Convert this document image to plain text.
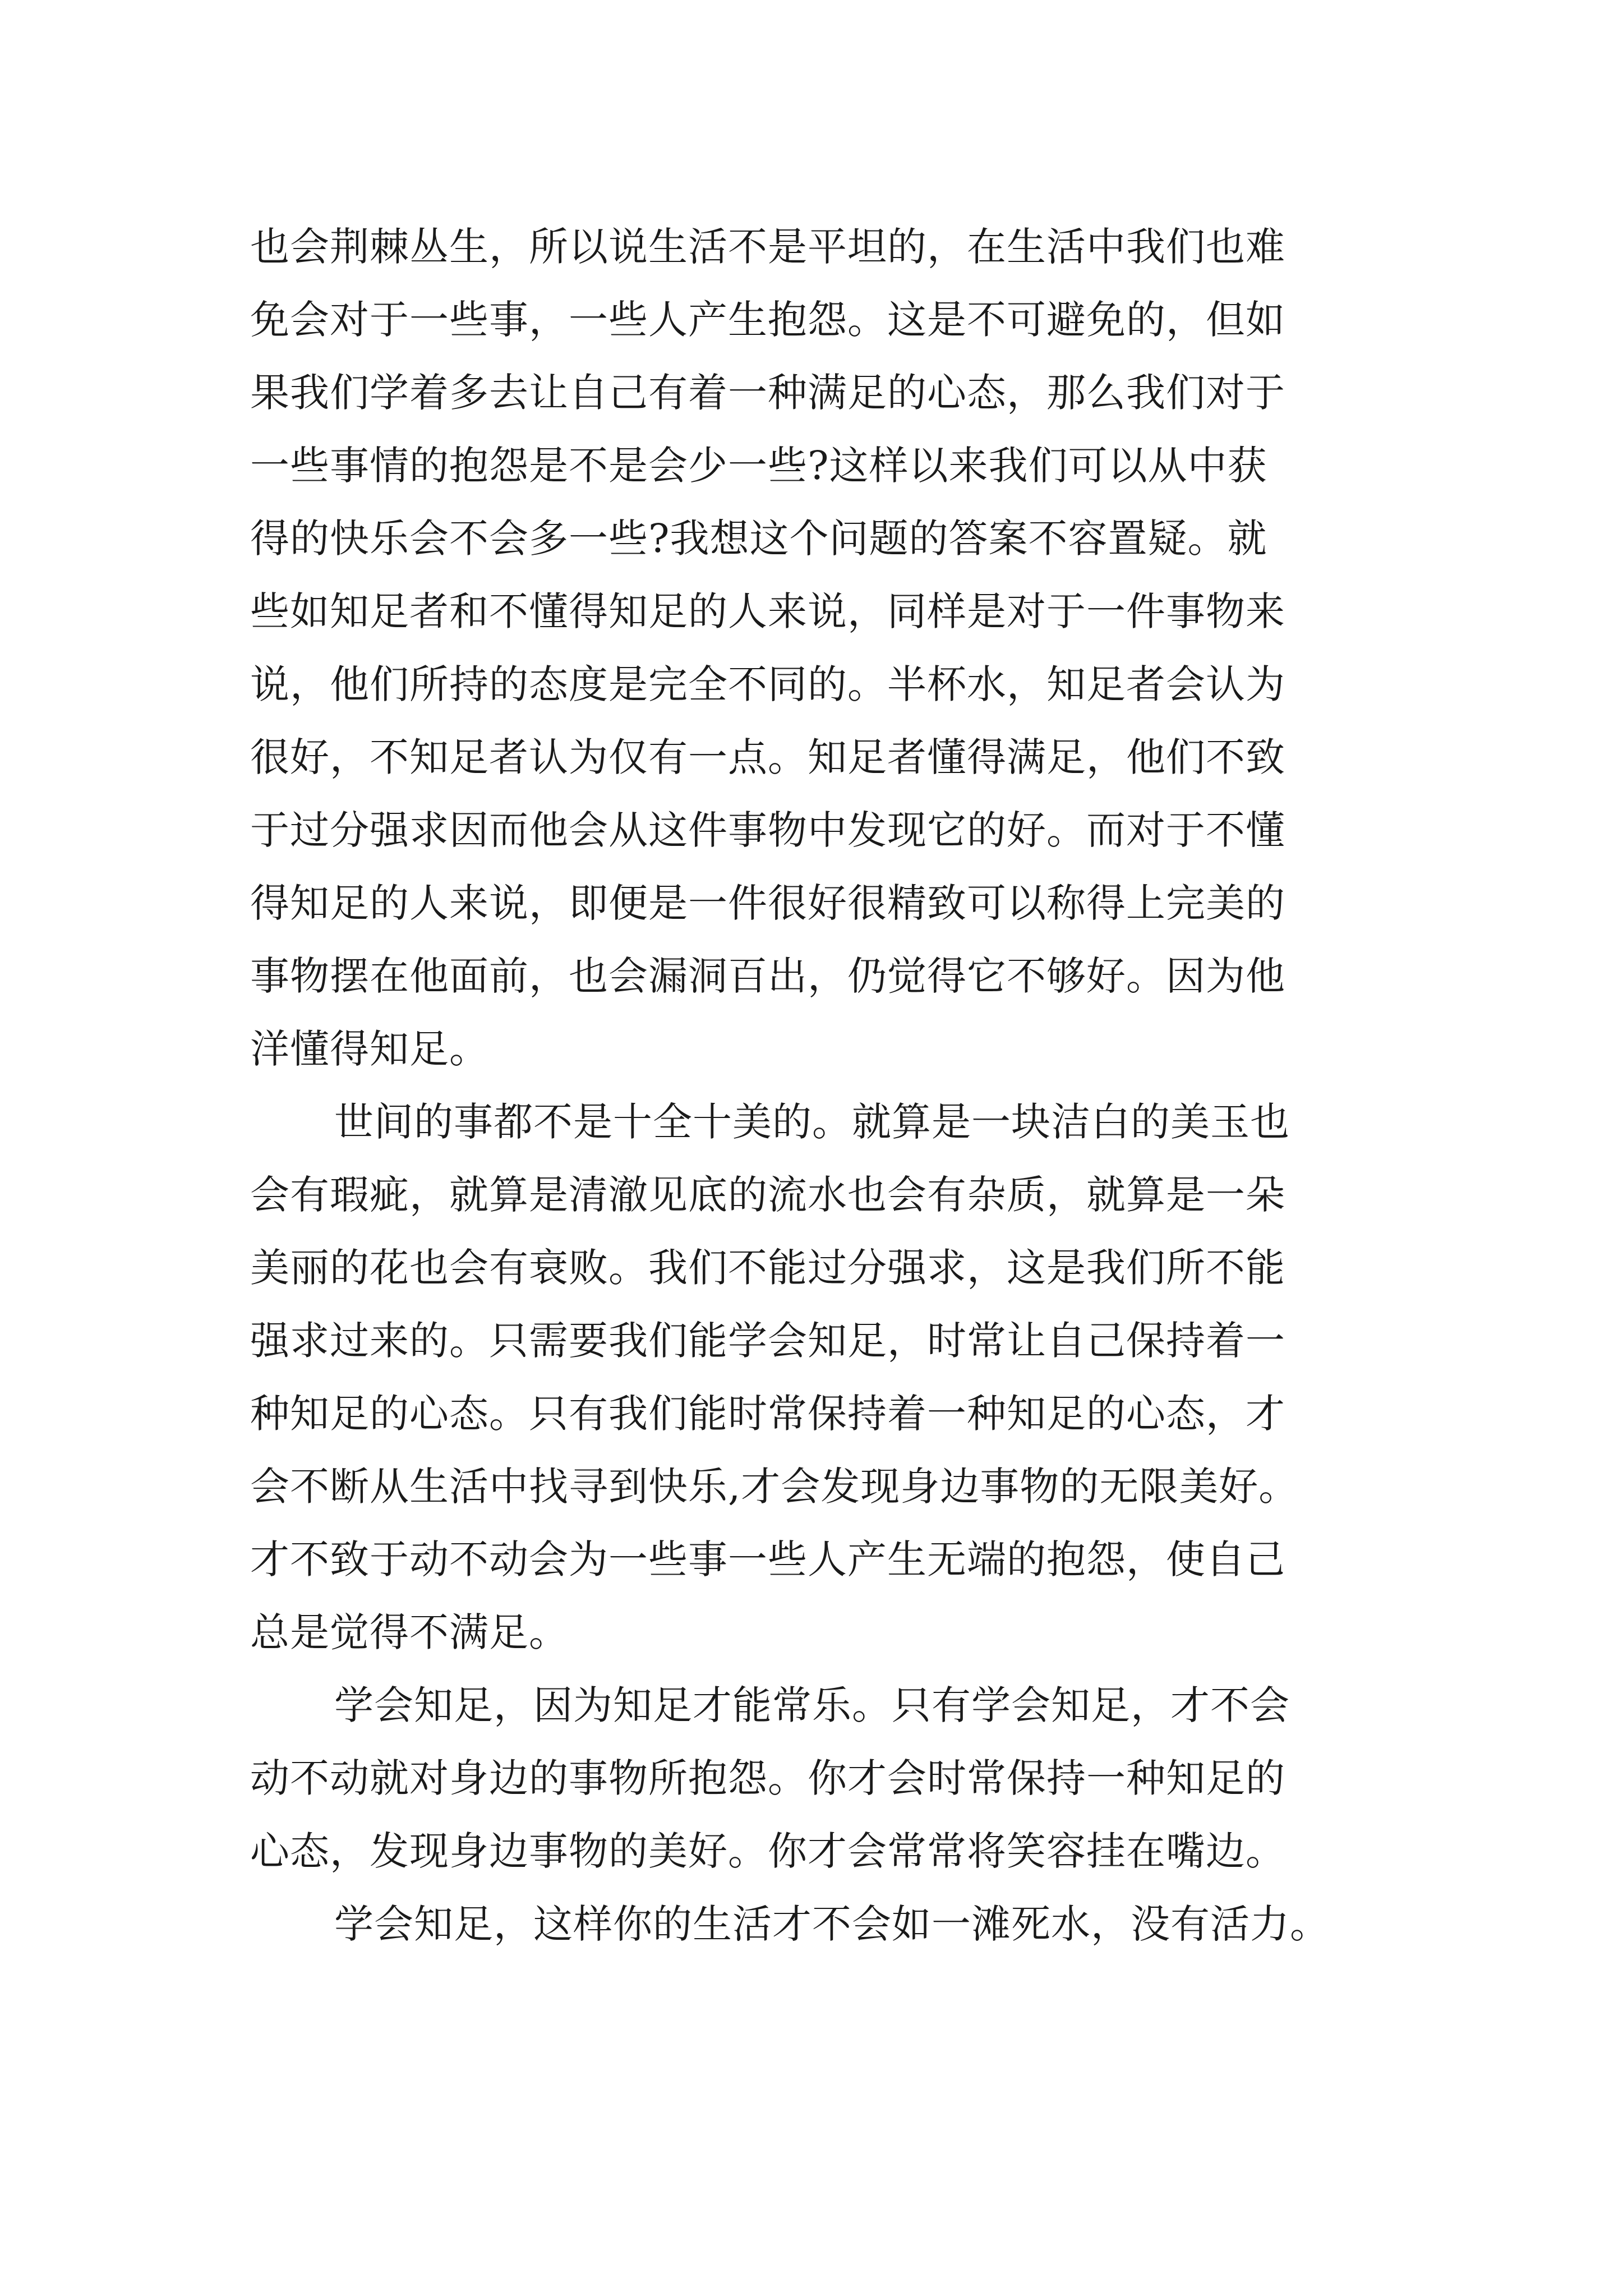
也会荆棘丛生，所以说生活不是平坦的，在生活中我们也难
免会对于一些事，一些人产生抱怨。这是不可避免的，但如
果我们学着多去让自己有着一种满足的心态，那么我们对于
一些事情的抱怨是不是会少一些?这样以来我们可以从中获
得的快乐会不会多一些?我想这个问题的答案不容置疑。就
些如知足者和不懂得知足的人来说，同样是对于一件事物来
说，他们所持的态度是完全不同的。半杯水，知足者会认为
很好，不知足者认为仅有一点。知足者懂得满足，他们不致
于过分强求因而他会从这件事物中发现它的好。而对于不懂
得知足的人来说，即便是一件很好很精致可以称得上完美的
事物摆在他面前，也会漏洞百出，仍觉得它不够好。因为他
洋懂得知足。
世间的事都不是十全十美的。就算是一块洁白的美玉也
会有瑕疵，就算是清澈见底的流水也会有杂质，就算是一朵
美丽的花也会有衰败。我们不能过分强求，这是我们所不能
强求过来的。只需要我们能学会知足，时常让自己保持着一
种知足的心态。只有我们能时常保持着一种知足的心态，才
会不断从生活中找寻到快乐,才会发现身边事物的无限美好。
才不致于动不动会为一些事一些人产生无端的抱怨，使自己
总是觉得不满足。
学会知足，因为知足才能常乐。只有学会知足，才不会
动不动就对身边的事物所抱怨。你才会时常保持一种知足的
心态，发现身边事物的美好。你才会常常将笑容挂在嘴边。
学会知足，这样你的生活才不会如一滩死水，没有活力。
